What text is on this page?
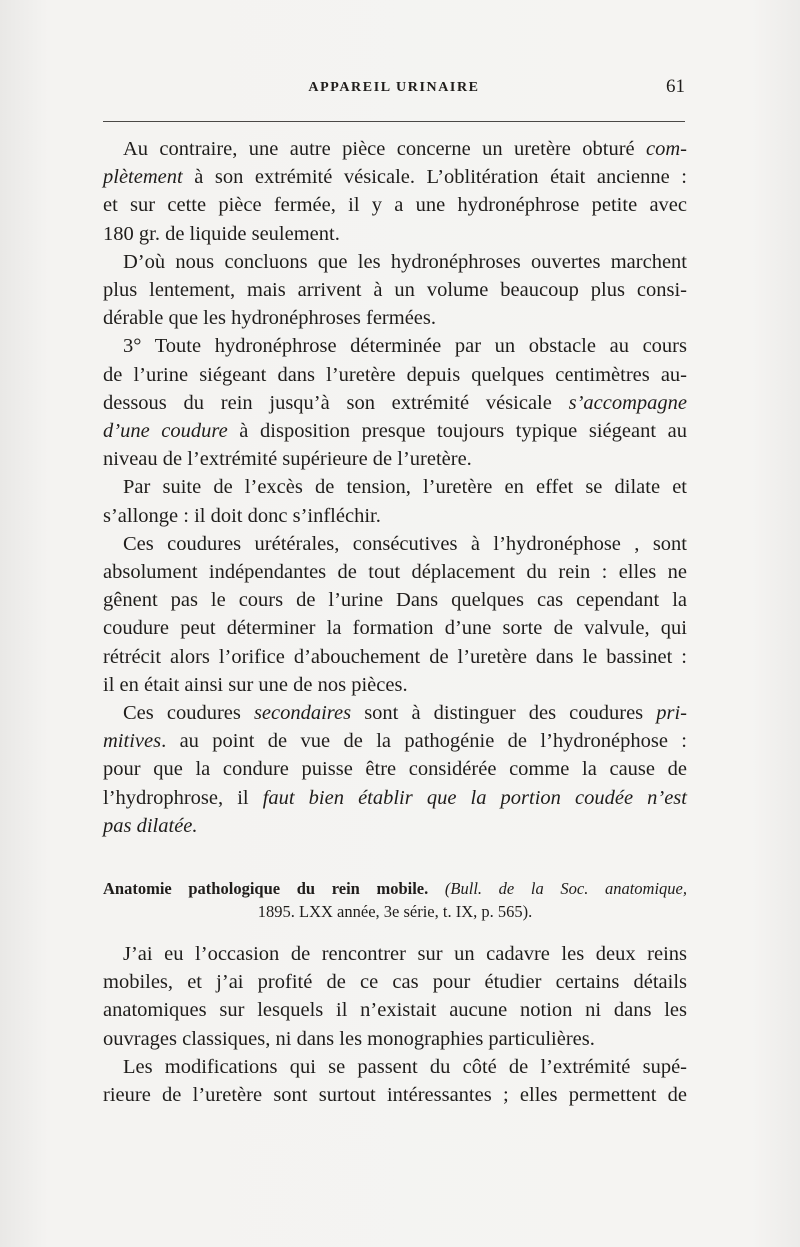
APPAREIL URINAIRE	61

Au contraire, une autre pièce concerne un uretère obturé com-
plètement à son extrémité vésicale. L’oblitération était ancienne :
et sur cette pièce fermée, il y a une hydronéphrose petite avec
180 gr. de liquide seulement.

D’où nous concluons que les hydronéphroses ouvertes marchent
plus lentement, mais arrivent à un volume beaucoup plus consi-
dérable que les hydronéphroses fermées.

3° Toute hydronéphrose déterminée par un obstacle au cours
de l’urine siégeant dans l’uretère depuis quelques centimètres au-
dessous du rein jusqu’à son extrémité vésicale s’accompagne
d’une coudure à disposition presque toujours typique siégeant au
niveau de l’extrémité supérieure de l’uretère.

Par suite de l’excès de tension, l’uretère en effet se dilate et
s’allonge : il doit donc s’infléchir.

Ces coudures urétérales, consécutives à l’hydronéphose , sont
absolument indépendantes de tout déplacement du rein : elles ne
gênent pas le cours de l’urine Dans quelques cas cependant la
coudure peut déterminer la formation d’une sorte de valvule, qui
rétrécit alors l’orifice d’abouchement de l’uretère dans le bassinet :
il en était ainsi sur une de nos pièces.

Ces coudures secondaires sont à distinguer des coudures pri-
mitives. au point de vue de la pathogénie de l’hydronéphose :
pour que la condure puisse être considérée comme la cause de
l’hydrophrose, il faut bien établir que la portion coudée n’est
pas dilatée.

Anatomie pathologique du rein mobile. (Bull. de la Soc. anatomique,
1895. LXX année, 3e série, t. IX, p. 565).

J’ai eu l’occasion de rencontrer sur un cadavre les deux reins
mobiles, et j’ai profité de ce cas pour étudier certains détails
anatomiques sur lesquels il n’existait aucune notion ni dans les
ouvrages classiques, ni dans les monographies particulières.

Les modifications qui se passent du côté de l’extrémité supé-
rieure de l’uretère sont surtout intéressantes ; elles permettent de
